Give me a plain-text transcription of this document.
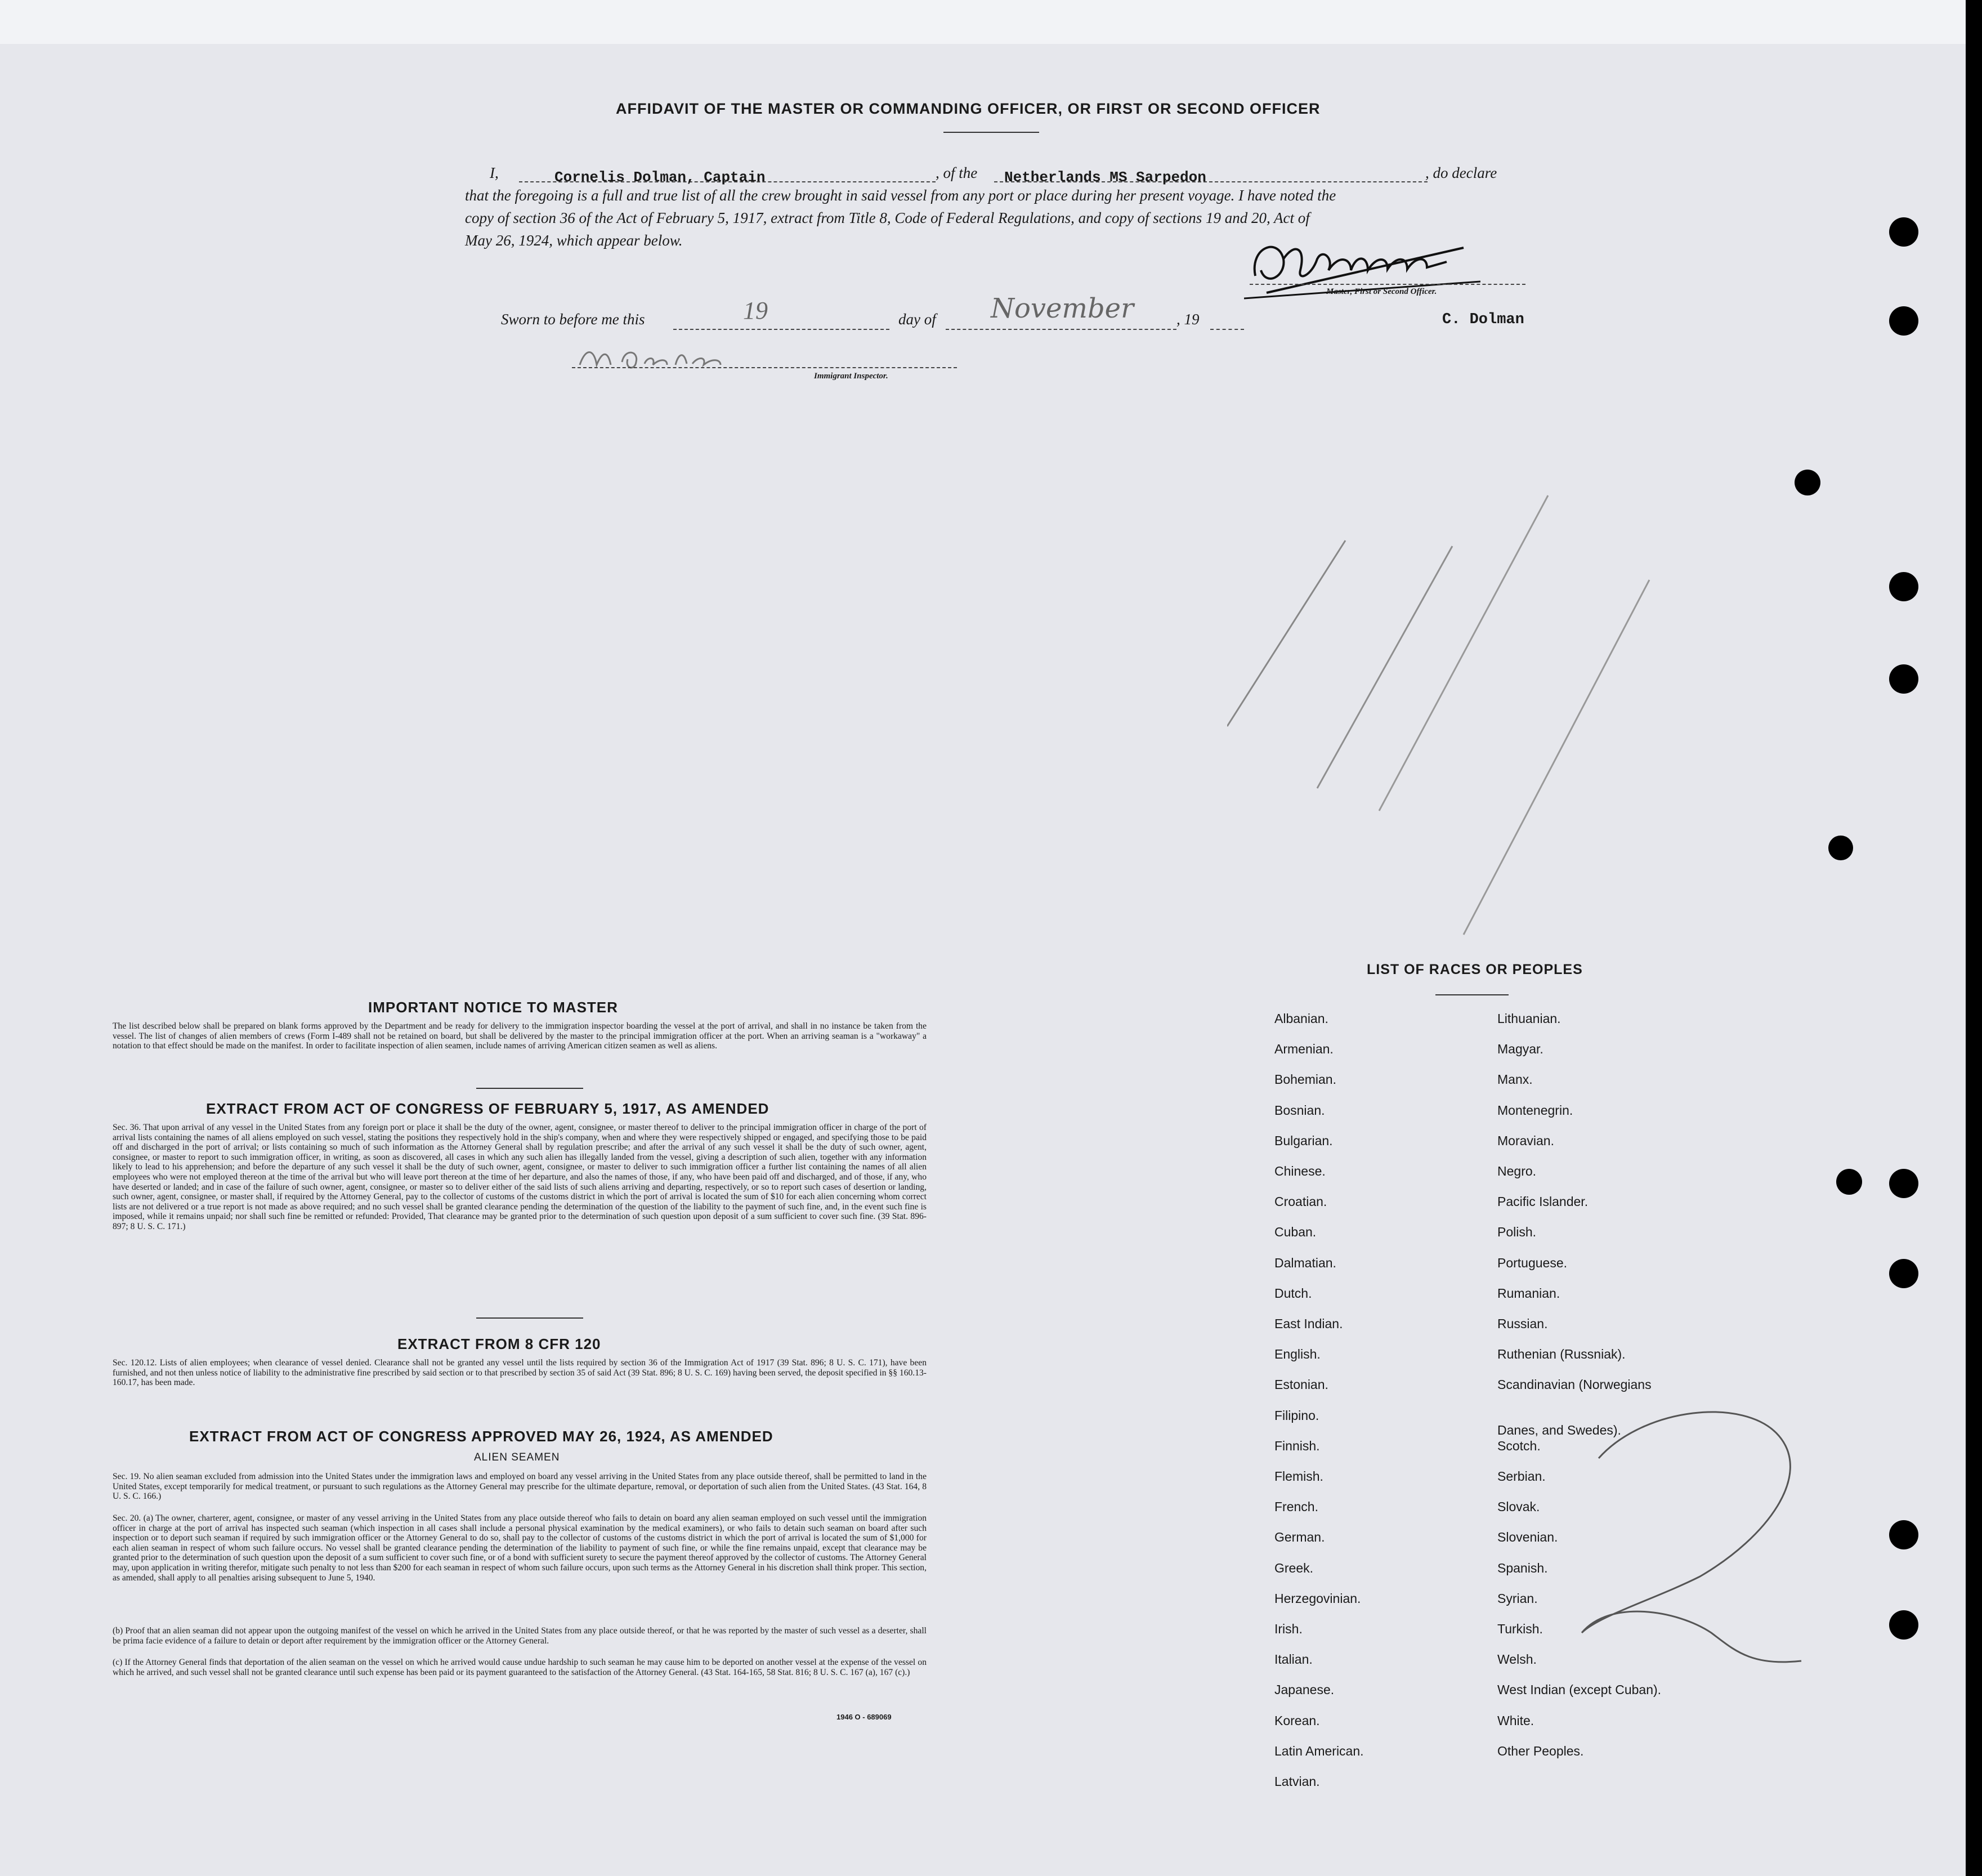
AFFIDAVIT OF THE MASTER OR COMMANDING OFFICER, OR FIRST OR SECOND OFFICER
I,	Cornelis Dolman, Captain	, of the Netherlands MS Sarpedon	, do declare
that the foregoing is a full and true list of all the crew brought in said vessel from any port or place during her present voyage. I have noted the
copy of section 36 of the Act of February 5, 1917, extract from Title 8, Code of Federal Regulations, and copy of sections 19 and 20, Act of
May 26, 1924, which appear below.
Master, First or Second Officer.
C. Dolman
Sworn to before me this	19	day of November	, 19
Immigrant Inspector.
IMPORTANT NOTICE TO MASTER
The list described below shall be prepared on blank forms approved by the Department and be ready for delivery to the immigration inspector boarding the vessel at the port of arrival, and shall in no instance be taken from the vessel. The list of changes of alien members of crews (Form I-489 shall not be retained on board, but shall be delivered by the master to the principal immigration officer at the port. When an arriving seaman is a "workaway" a notation to that effect should be made on the manifest. In order to facilitate inspection of alien seamen, include names of arriving American citizen seamen as well as aliens.
EXTRACT FROM ACT OF CONGRESS OF FEBRUARY 5, 1917, AS AMENDED
Sec. 36. That upon arrival of any vessel in the United States from any foreign port or place it shall be the duty of the owner, agent, consignee, or master thereof to deliver to the principal immigration officer in charge of the port of arrival lists containing the names of all aliens employed on such vessel, stating the positions they respectively hold in the ship's company, when and where they were respectively shipped or engaged, and specifying those to be paid off and discharged in the port of arrival; or lists containing so much of such information as the Attorney General shall by regulation prescribe; and after the arrival of any such vessel it shall be the duty of such owner, agent, consignee, or master to report to such immigration officer, in writing, as soon as discovered, all cases in which any such alien has illegally landed from the vessel, giving a description of such alien, together with any information likely to lead to his apprehension; and before the departure of any such vessel it shall be the duty of such owner, agent, consignee, or master to deliver to such immigration officer a further list containing the names of all alien employees who were not employed thereon at the time of the arrival but who will leave port thereon at the time of her departure, and also the names of those, if any, who have been paid off and discharged, and of those, if any, who have deserted or landed; and in case of the failure of such owner, agent, consignee, or master so to deliver either of the said lists of such aliens arriving and departing, respectively, or so to report such cases of desertion or landing, such owner, agent, consignee, or master shall, if required by the Attorney General, pay to the collector of customs of the customs district in which the port of arrival is located the sum of $10 for each alien concerning whom correct lists are not delivered or a true report is not made as above required; and no such vessel shall be granted clearance pending the determination of the question of the liability to the payment of such fine, and, in the event such fine is imposed, while it remains unpaid; nor shall such fine be remitted or refunded: Provided, That clearance may be granted prior to the determination of such question upon deposit of a sum sufficient to cover such fine. (39 Stat. 896-897; 8 U. S. C. 171.)
EXTRACT FROM 8 CFR 120
Sec. 120.12. Lists of alien employees; when clearance of vessel denied. Clearance shall not be granted any vessel until the lists required by section 36 of the Immigration Act of 1917 (39 Stat. 896; 8 U. S. C. 171), have been furnished, and not then unless notice of liability to the administrative fine prescribed by said section or to that prescribed by section 35 of said Act (39 Stat. 896; 8 U. S. C. 169) having been served, the deposit specified in §§ 160.13-160.17, has been made.
EXTRACT FROM ACT OF CONGRESS APPROVED MAY 26, 1924, AS AMENDED
ALIEN SEAMEN
Sec. 19. No alien seaman excluded from admission into the United States under the immigration laws and employed on board any vessel arriving in the United States from any place outside thereof, shall be permitted to land in the United States, except temporarily for medical treatment, or pursuant to such regulations as the Attorney General may prescribe for the ultimate departure, removal, or deportation of such alien from the United States. (43 Stat. 164, 8 U. S. C. 166.)
Sec. 20. (a) The owner, charterer, agent, consignee, or master of any vessel arriving in the United States from any place outside thereof who fails to detain on board any alien seaman employed on such vessel until the immigration officer in charge at the port of arrival has inspected such seaman (which inspection in all cases shall include a personal physical examination by the medical examiners), or who fails to detain such seaman on board after such inspection or to deport such seaman if required by such immigration officer or the Attorney General to do so, shall pay to the collector of customs of the customs district in which the port of arrival is located the sum of $1,000 for each alien seaman in respect of whom such failure occurs. No vessel shall be granted clearance pending the determination of the liability to payment of such fine, or while the fine remains unpaid, except that clearance may be granted prior to the determination of such question upon the deposit of a sum sufficient to cover such fine, or of a bond with sufficient surety to secure the payment thereof approved by the collector of customs. The Attorney General may, upon application in writing therefor, mitigate such penalty to not less than $200 for each seaman in respect of whom such failure occurs, upon such terms as the Attorney General in his discretion shall think proper. This section, as amended, shall apply to all penalties arising subsequent to June 5, 1940.
(b) Proof that an alien seaman did not appear upon the outgoing manifest of the vessel on which he arrived in the United States from any place outside thereof, or that he was reported by the master of such vessel as a deserter, shall be prima facie evidence of a failure to detain or deport after requirement by the immigration officer or the Attorney General.
(c) If the Attorney General finds that deportation of the alien seaman on the vessel on which he arrived would cause undue hardship to such seaman he may cause him to be deported on another vessel at the expense of the vessel on which he arrived, and such vessel shall not be granted clearance until such expense has been paid or its payment guaranteed to the satisfaction of the Attorney General. (43 Stat. 164-165, 58 Stat. 816; 8 U. S. C. 167 (a), 167 (c).)
1946 O - 689069
LIST OF RACES OR PEOPLES
Albanian.
Armenian.
Bohemian.
Bosnian.
Bulgarian.
Chinese.
Croatian.
Cuban.
Dalmatian.
Dutch.
East Indian.
English.
Estonian.
Filipino.
Finnish.
Flemish.
French.
German.
Greek.
Herzegovinian.
Irish.
Italian.
Japanese.
Korean.
Latin American.
Latvian.
Lithuanian.
Magyar.
Manx.
Montenegrin.
Moravian.
Negro.
Pacific Islander.
Polish.
Portuguese.
Rumanian.
Russian.
Ruthenian (Russniak).
Scandinavian (Norwegians
Danes, and Swedes).
Scotch.
Serbian.
Slovak.
Slovenian.
Spanish.
Syrian.
Turkish.
Welsh.
West Indian (except Cuban).
White.
Other Peoples.
